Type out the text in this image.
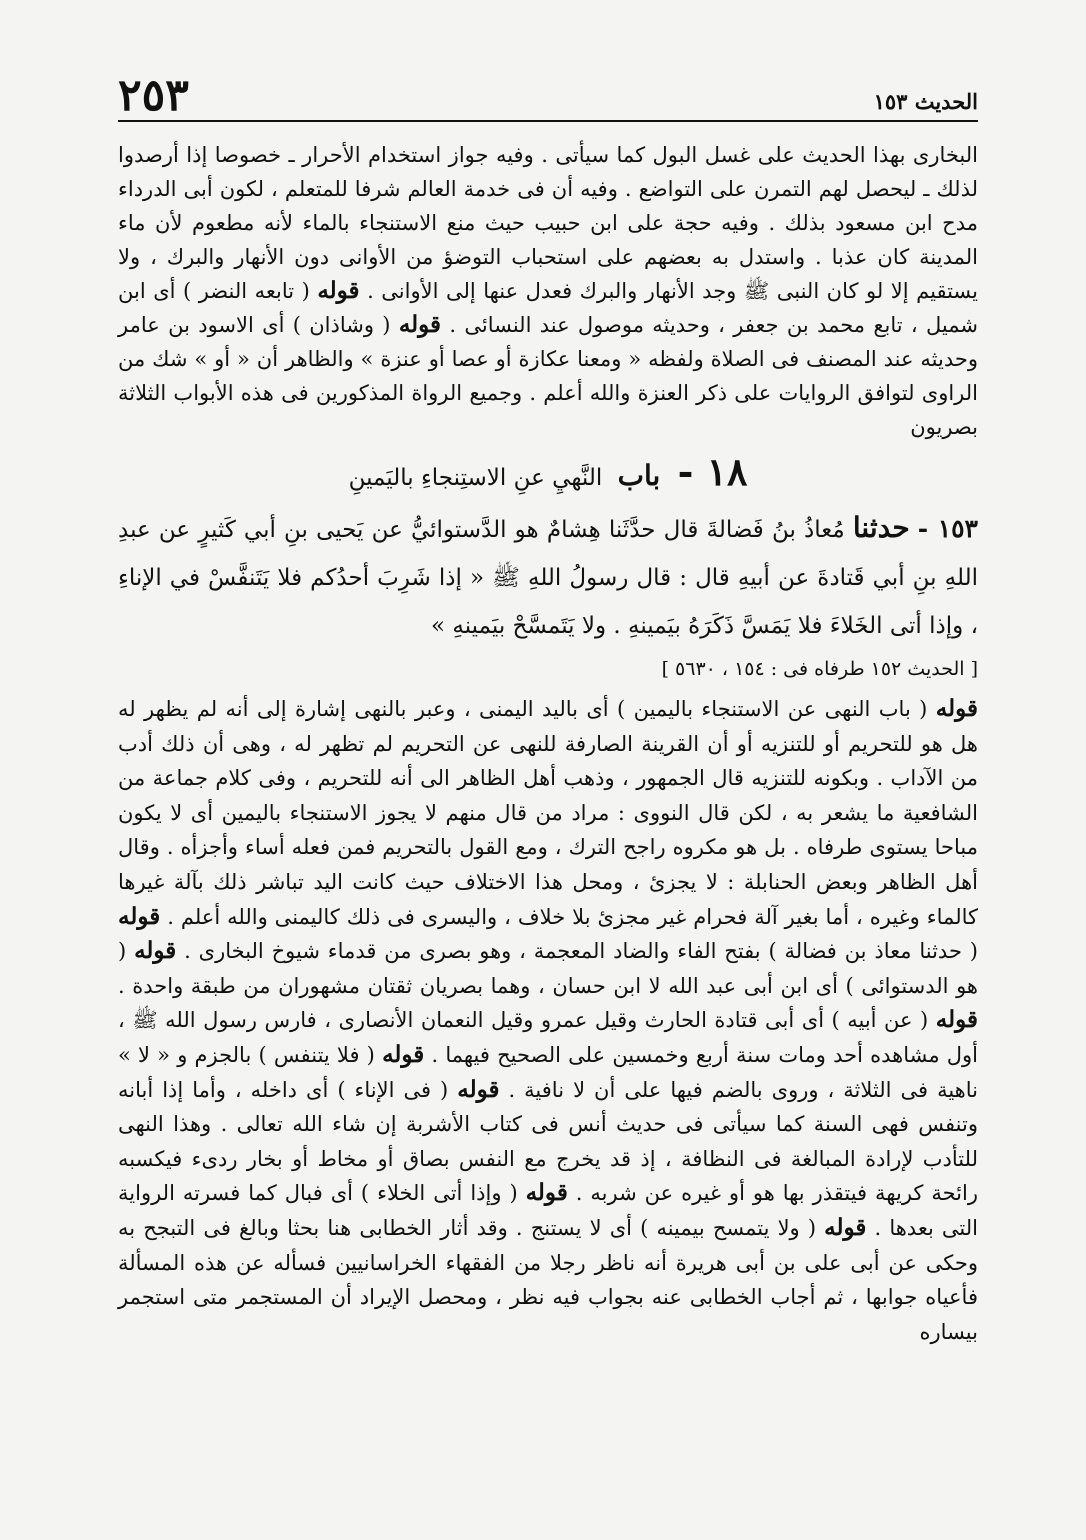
الحديث ١٥٣
٢٥٣

البخارى بهذا الحديث على غسل البول كما سيأتى . وفيه جواز استخدام الأحرار ـ خصوصا إذا أرصدوا لذلك ـ ليحصل لهم التمرن على التواضع . وفيه أن فى خدمة العالم شرفا للمتعلم ، لكون أبى الدرداء مدح ابن مسعود بذلك . وفيه حجة على ابن حبيب حيث منع الاستنجاء بالماء لأنه مطعوم لأن ماء المدينة كان عذبا . واستدل به بعضهم على استحباب التوضؤ من الأوانى دون الأنهار والبرك ، ولا يستقيم إلا لو كان النبى ﷺ وجد الأنهار والبرك فعدل عنها إلى الأوانى . قوله ( تابعه النضر ) أى ابن شميل ، تابع محمد بن جعفر ، وحديثه موصول عند النسائى . قوله ( وشاذان ) أى الاسود بن عامر وحديثه عند المصنف فى الصلاة ولفظه « ومعنا عكازة أو عصا أو عنزة » والظاهر أن « أو » شك من الراوى لتوافق الروايات على ذكر العنزة والله أعلم . وجميع الرواة المذكورين فى هذه الأبواب الثلاثة بصريون

١٨ - باب النَّهيِ عنِ الاستِنجاءِ باليَمينِ

١٥٣ - حدثنا مُعاذُ بنُ فَضالةَ قال حدَّثَنا هِشامٌ هو الدَّستوائيُّ عن يَحيى بنِ أبي كَثيرٍ عن عبدِ اللهِ بنِ أبي قَتادةَ عن أبيهِ قال : قال رسولُ اللهِ ﷺ « إذا شَرِبَ أحدُكم فلا يَتَنفَّسْ في الإناءِ ، وإذا أتى الخَلاءَ فلا يَمَسَّ ذَكَرَهُ بيَمينهِ . ولا يَتَمسَّحْ بيَمينهِ »

[ الحديث ١٥٢ طرفاه فى : ١٥٤ ، ٥٦٣٠ ]

قوله ( باب النهى عن الاستنجاء باليمين ) أى باليد اليمنى ، وعبر بالنهى إشارة إلى أنه لم يظهر له هل هو للتحريم أو للتنزيه أو أن القرينة الصارفة للنهى عن التحريم لم تظهر له ، وهى أن ذلك أدب من الآداب . وبكونه للتنزيه قال الجمهور ، وذهب أهل الظاهر الى أنه للتحريم ، وفى كلام جماعة من الشافعية ما يشعر به ، لكن قال النووى : مراد من قال منهم لا يجوز الاستنجاء باليمين أى لا يكون مباحا يستوى طرفاه . بل هو مكروه راجح الترك ، ومع القول بالتحريم فمن فعله أساء وأجزأه . وقال أهل الظاهر وبعض الحنابلة : لا يجزئ ، ومحل هذا الاختلاف حيث كانت اليد تباشر ذلك بآلة غيرها كالماء وغيره ، أما بغير آلة فحرام غير مجزئ بلا خلاف ، واليسرى فى ذلك كاليمنى والله أعلم . قوله ( حدثنا معاذ بن فضالة ) بفتح الفاء والضاد المعجمة ، وهو بصرى من قدماء شيوخ البخارى . قوله ( هو الدستوائى ) أى ابن أبى عبد الله لا ابن حسان ، وهما بصريان ثقتان مشهوران من طبقة واحدة . قوله ( عن أبيه ) أى أبى قتادة الحارث وقيل عمرو وقيل النعمان الأنصارى ، فارس رسول الله ﷺ ، أول مشاهده أحد ومات سنة أربع وخمسين على الصحيح فيهما . قوله ( فلا يتنفس ) بالجزم و « لا » ناهية فى الثلاثة ، وروى بالضم فيها على أن لا نافية . قوله ( فى الإناء ) أى داخله ، وأما إذا أبانه وتنفس فهى السنة كما سيأتى فى حديث أنس فى كتاب الأشربة إن شاء الله تعالى . وهذا النهى للتأدب لإرادة المبالغة فى النظافة ، إذ قد يخرج مع النفس بصاق أو مخاط أو بخار ردىء فيكسبه رائحة كريهة فيتقذر بها هو أو غيره عن شربه . قوله ( وإذا أتى الخلاء ) أى فبال كما فسرته الرواية التى بعدها . قوله ( ولا يتمسح بيمينه ) أى لا يستنج . وقد أثار الخطابى هنا بحثا وبالغ فى التبجح به وحكى عن أبى على بن أبى هريرة أنه ناظر رجلا من الفقهاء الخراسانيين فسأله عن هذه المسألة فأعياه جوابها ، ثم أجاب الخطابى عنه بجواب فيه نظر ، ومحصل الإيراد أن المستجمر متى استجمر بيساره
